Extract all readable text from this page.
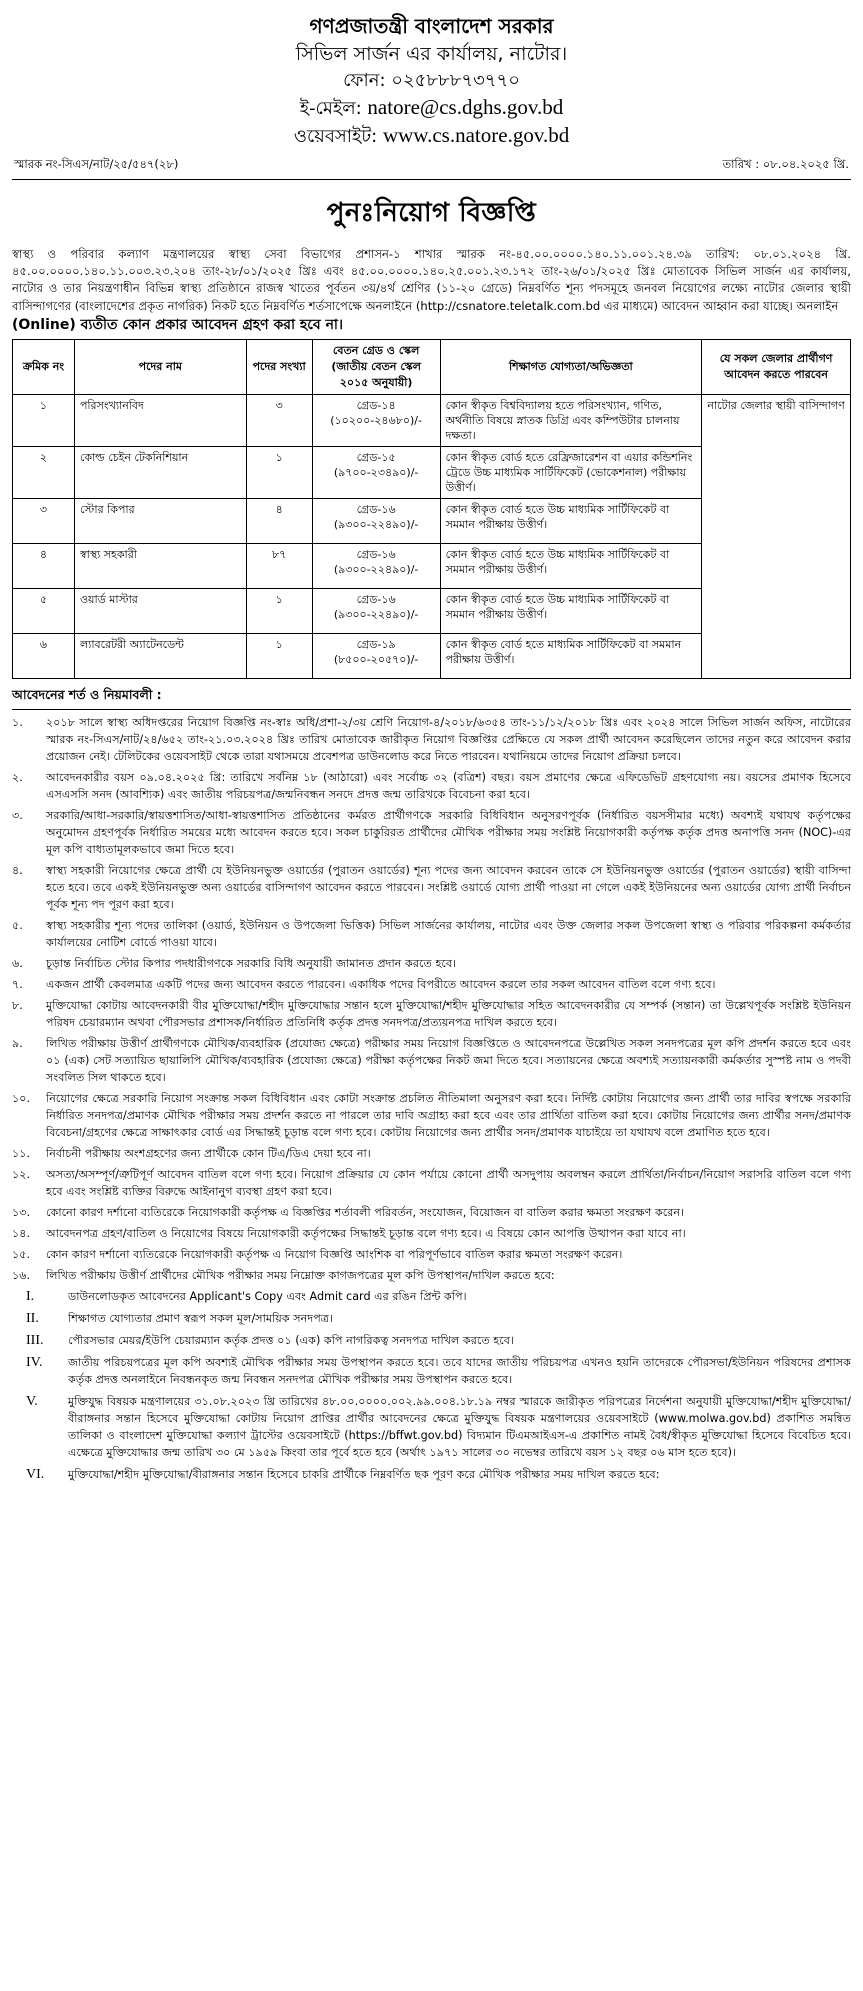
গণপ্রজাতন্ত্রী বাংলাদেশ সরকার
সিভিল সার্জন এর কার্যালয়, নাটোর।
ফোন: ০২৫৮৮৮৭৩৭৭০
ই-মেইল: natore@cs.dghs.gov.bd
ওয়েবসাইট: www.cs.natore.gov.bd
স্মারক নং-সিএস/নাট/২৫/৫৪৭(২৮)	তারিখ : ০৮.০৪.২০২৫ খ্রি.
পুনঃনিয়োগ বিজ্ঞপ্তি
স্বাস্থ্য ও পরিবার কল্যাণ মন্ত্রণালয়ের স্বাস্থ্য সেবা বিভাগের প্রশাসন-১ শাখার স্মারক নং-৪৫.০০.০০০০.১৪০.১১.০০১.২৪.৩৯ তারিখ: ০৮.০১.২০২৪ খ্রি. ৪৫.০০.০০০০.১৪০.১১.০০৩.২৩.২০৪ তাং-২৮/০১/২০২৫ খ্রিঃ এবং ৪৫.০০.০০০০.১৪০.২৫.০০১.২৩.১৭২ তাং-২৬/০১/২০২৫ খ্রিঃ মোতাবেক সিভিল সার্জন এর কার্যালয়, নাটোর ও তার নিয়ন্ত্রণাধীন বিভিন্ন স্বাস্থ্য প্রতিষ্ঠানে রাজস্ব খাতের পূর্বতন ৩য়/৪র্থ শ্রেণির (১১-২০ গ্রেডে) নিম্নবর্ণিত শূন্য পদসমূহে জনবল নিয়োগের লক্ষ্যে নাটোর জেলার স্থায়ী বাসিন্দাগণের (বাংলাদেশের প্রকৃত নাগরিক) নিকট হতে নিম্নবর্ণিত শর্তসাপেক্ষে অনলাইনে (http://csnatore.teletalk.com.bd এর মাধ্যমে) আবেদন আহ্বান করা যাচ্ছে। অনলাইন
(Online) ব্যতীত কোন প্রকার আবেদন গ্রহণ করা হবে না।
ক্রমিক নং	পদের নাম	পদের সংখ্যা	বেতন গ্রেড ও স্কেল (জাতীয় বেতন স্কেল ২০১৫ অনুযায়ী)	শিক্ষাগত যোগ্যতা/অভিজ্ঞতা	যে সকল জেলার প্রার্থীগণ আবেদন করতে পারবেন
১	পরিসংখ্যানবিদ	৩	গ্রেড-১৪
(১০২০০-২৪৬৮০)/-	কোন স্বীকৃত বিশ্ববিদ্যালয় হতে পরিসংখ্যান, গণিত, অর্থনীতি বিষয়ে স্নাতক ডিগ্রি এবং কম্পিউটার চালনায় দক্ষতা।	নাটোর জেলার স্থায়ী বাসিন্দাগণ
২	কোল্ড চেইন টেকনিশিয়ান	১	গ্রেড-১৫
(৯৭০০-২৩৪৯০)/-	কোন স্বীকৃত বোর্ড হতে রেফ্রিজারেশন বা এয়ার কন্ডিশনিং ট্রেডে উচ্চ মাধ্যমিক সার্টিফিকেট (ভোকেশনাল) পরীক্ষায় উত্তীর্ণ।	
৩	স্টোর কিপার	৪	গ্রেড-১৬
(৯৩০০-২২৪৯০)/-	কোন স্বীকৃত বোর্ড হতে উচ্চ মাধ্যমিক সার্টিফিকেট বা সমমান পরীক্ষায় উত্তীর্ণ।	
৪	স্বাস্থ্য সহকারী	৮৭	গ্রেড-১৬
(৯৩০০-২২৪৯০)/-	কোন স্বীকৃত বোর্ড হতে উচ্চ মাধ্যমিক সার্টিফিকেট বা সমমান পরীক্ষায় উত্তীর্ণ।	
৫	ওয়ার্ড মাস্টার	১	গ্রেড-১৬
(৯৩০০-২২৪৯০)/-	কোন স্বীকৃত বোর্ড হতে উচ্চ মাধ্যমিক সার্টিফিকেট বা সমমান পরীক্ষায় উত্তীর্ণ।	
৬	ল্যাবরেটরী অ্যাটেনডেন্ট	১	গ্রেড-১৯
(৮৫০০-২০৫৭০)/-	কোন স্বীকৃত বোর্ড হতে মাধ্যমিক সার্টিফিকেট বা সমমান পরীক্ষায় উত্তীর্ণ।	
আবেদনের শর্ত ও নিয়মাবলী :
১.	২০১৮ সালে স্বাস্থ্য অধিদপ্তরের নিয়োগ বিজ্ঞপ্তি নং-স্বাঃ অধি/প্রশা-২/৩য় শ্রেণি নিয়োগ-৪/২০১৮/৬৩৫৪ তাং-১১/১২/২০১৮ খ্রিঃ এবং ২০২৪ সালে সিভিল সার্জন অফিস, নাটোরের স্মারক নং-সিএস/নাট/২৪/৬৫২ তাং-২১.০৩.২০২৪ খ্রিঃ তারিখ মোতাবেক জারীকৃত নিয়োগ বিজ্ঞপ্তির প্রেক্ষিতে যে সকল প্রার্থী আবেদন করেছিলেন তাদের নতুন করে আবেদন করার প্রয়োজন নেই। টেলিটকের ওয়েবসাইট থেকে তারা যথাসময়ে প্রবেশপত্র ডাউনলোড করে নিতে পারবেন। যথানিয়মে তাদের নিয়োগ প্রক্রিয়া চলবে।
২.	আবেদনকারীর বয়স ০৯.০৪.২০২৫ খ্রি: তারিখে সর্বনিম্ন ১৮ (আঠারো) এবং সর্বোচ্চ ৩২ (বত্রিশ) বছর। বয়স প্রমাণের ক্ষেত্রে এফিডেভিট গ্রহণযোগ্য নয়। বয়সের প্রমাণক হিসেবে এসএসসি সনদ (আবশ্যিক) এবং জাতীয় পরিচয়পত্র/জন্মনিবন্ধন সনদে প্রদত্ত জন্ম তারিখকে বিবেচনা করা হবে।
৩.	সরকারি/আধা-সরকারি/স্বায়ত্তশাসিত/আধা-স্বায়ত্তশাসিত প্রতিষ্ঠানের কর্মরত প্রার্থীগণকে সরকারি বিধিবিধান অনুসরণপূর্বক (নির্ধারিত বয়সসীমার মধ্যে) অবশ্যই যথাযথ কর্তৃপক্ষের অনুমোদন গ্রহণপূর্বক নির্ধারিত সময়ের মধ্যে আবেদন করতে হবে। সকল চাকুরিরত প্রার্থীদের মৌখিক পরীক্ষার সময় সংশ্লিষ্ট নিয়োগকারী কর্তৃপক্ষ কর্তৃক প্রদত্ত অনাপত্তি সনদ (NOC)-এর মূল কপি বাধ্যতামূলকভাবে জমা দিতে হবে।
৪.	স্বাস্থ্য সহকারী নিয়োগের ক্ষেত্রে প্রার্থী যে ইউনিয়নভুক্ত ওয়ার্ডের (পুরাতন ওয়ার্ডের) শূন্য পদের জন্য আবেদন করবেন তাকে সে ইউনিয়নভুক্ত ওয়ার্ডের (পুরাতন ওয়ার্ডের) স্থায়ী বাসিন্দা হতে হবে। তবে একই ইউনিয়নভুক্ত অন্য ওয়ার্ডের বাসিন্দাগণ আবেদন করতে পারবেন। সংশ্লিষ্ট ওয়ার্ডে যোগ্য প্রার্থী পাওয়া না গেলে একই ইউনিয়নের অন্য ওয়ার্ডের যোগ্য প্রার্থী নির্বাচন পূর্বক শূন্য পদ পূরণ করা হবে।
৫.	স্বাস্থ্য সহকারীর শূন্য পদের তালিকা (ওয়ার্ড, ইউনিয়ন ও উপজেলা ভিত্তিক) সিভিল সার্জনের কার্যালয়, নাটোর এবং উক্ত জেলার সকল উপজেলা স্বাস্থ্য ও পরিবার পরিকল্পনা কর্মকর্তার কার্যালয়ের নোটিশ বোর্ডে পাওয়া যাবে।
৬.	চূড়ান্ত নির্বাচিত স্টোর কিপার পদধারীগণকে সরকারি বিধি অনুযায়ী জামানত প্রদান করতে হবে।
৭.	একজন প্রার্থী কেবলমাত্র একটি পদের জন্য আবেদন করতে পারবেন। একাধিক পদের বিপরীতে আবেদন করলে তার সকল আবেদন বাতিল বলে গণ্য হবে।
৮.	মুক্তিযোদ্ধা কোটায় আবেদনকারী বীর মুক্তিযোদ্ধা/শহীদ মুক্তিযোদ্ধার সন্তান হলে মুক্তিযোদ্ধা/শহীদ মুক্তিযোদ্ধার সহিত আবেদনকারীর যে সম্পর্ক (সন্তান) তা উল্লেখপূর্বক সংশ্লিষ্ট ইউনিয়ন পরিষদ চেয়ারম্যান অথবা পৌরসভার প্রশাসক/নির্ধারিত প্রতিনিধি কর্তৃক প্রদত্ত সনদপত্র/প্রত্যয়নপত্র দাখিল করতে হবে।
৯.	লিখিত পরীক্ষায় উত্তীর্ণ প্রার্থীগণকে মৌখিক/ব্যবহারিক (প্রযোজ্য ক্ষেত্রে) পরীক্ষার সময় নিয়োগ বিজ্ঞপ্তিতে ও আবেদনপত্রে উল্লেখিত সকল সনদপত্রের মূল কপি প্রদর্শন করতে হবে এবং ০১ (এক) সেট সত্যায়িত ছায়ালিপি মৌখিক/ব্যবহারিক (প্রযোজ্য ক্ষেত্রে) পরীক্ষা কর্তৃপক্ষের নিকট জমা দিতে হবে। সত্যায়নের ক্ষেত্রে অবশ্যই সত্যায়নকারী কর্মকর্তার সুস্পষ্ট নাম ও পদবী সংবলিত সিল থাকতে হবে।
১০.	নিয়োগের ক্ষেত্রে সরকারি নিয়োগ সংক্রান্ত সকল বিধিবিধান এবং কোটা সংক্রান্ত প্রচলিত নীতিমালা অনুসরণ করা হবে। নির্দিষ্ট কোটায় নিয়োগের জন্য প্রার্থী তার দাবির স্বপক্ষে সরকারি নির্ধারিত সনদপত্র/প্রমাণক মৌখিক পরীক্ষার সময় প্রদর্শন করতে না পারলে তার দাবি অগ্রাহ্য করা হবে এবং তার প্রার্থিতা বাতিল করা হবে। কোটায় নিয়োগের জন্য প্রার্থীর সনদ/প্রমাণক বিবেচনা/গ্রহণের ক্ষেত্রে সাক্ষাৎকার বোর্ড এর সিদ্ধান্তই চূড়ান্ত বলে গণ্য হবে। কোটায় নিয়োগের জন্য প্রার্থীর সনদ/প্রমাণক যাচাইয়ে তা যথাযথ বলে প্রমাণিত হতে হবে।
১১.	নির্বাচনী পরীক্ষায় অংশগ্রহণের জন্য প্রার্থীকে কোন টিএ/ডিএ দেয়া হবে না।
১২.	অসত্য/অসম্পূর্ণ/ত্রুটিপূর্ণ আবেদন বাতিল বলে গণ্য হবে। নিয়োগ প্রক্রিয়ার যে কোন পর্যায়ে কোনো প্রার্থী অসদুপায় অবলম্বন করলে প্রার্থিতা/নির্বাচন/নিয়োগ সরাসরি বাতিল বলে গণ্য হবে এবং সংশ্লিষ্ট ব্যক্তির বিরুদ্ধে আইনানুগ ব্যবস্থা গ্রহণ করা হবে।
১৩.	কোনো কারণ দর্শানো ব্যতিরেকে নিয়োগকারী কর্তৃপক্ষ এ বিজ্ঞপ্তির শর্তাবলী পরিবর্তন, সংযোজন, বিয়োজন বা বাতিল করার ক্ষমতা সংরক্ষণ করেন।
১৪.	আবেদনপত্র গ্রহণ/বাতিল ও নিয়োগের বিষয়ে নিয়োগকারী কর্তৃপক্ষের সিদ্ধান্তই চূড়ান্ত বলে গণ্য হবে। এ বিষয়ে কোন আপত্তি উত্থাপন করা যাবে না।
১৫.	কোন কারণ দর্শানো ব্যতিরেকে নিয়োগকারী কর্তৃপক্ষ এ নিয়োগ বিজ্ঞপ্তি আংশিক বা পরিপূর্ণভাবে বাতিল করার ক্ষমতা সংরক্ষণ করেন।
১৬.	লিখিত পরীক্ষায় উত্তীর্ণ প্রার্থীদের মৌখিক পরীক্ষার সময় নিম্নোক্ত কাগজপত্রের মূল কপি উপস্থাপন/দাখিল করতে হবে:
I.	ডাউনলোডকৃত আবেদনের Applicant's Copy এবং Admit card এর রঙিন প্রিন্ট কপি।
II.	শিক্ষাগত যোগ্যতার প্রমাণ স্বরূপ সকল মূল/সাময়িক সনদপত্র।
III.	পৌরসভার মেয়র/ইউপি চেয়ারম্যান কর্তৃক প্রদত্ত ০১ (এক) কপি নাগরিকত্ব সনদপত্র দাখিল করতে হবে।
IV.	জাতীয় পরিচয়পত্রের মূল কপি অবশ্যই মৌখিক পরীক্ষার সময় উপস্থাপন করতে হবে। তবে যাদের জাতীয় পরিচয়পত্র এখনও হয়নি তাদেরকে পৌরসভা/ইউনিয়ন পরিষদের প্রশাসক কর্তৃক প্রদত্ত অনলাইনে নিবন্ধনকৃত জন্ম নিবন্ধন সনদপত্র মৌখিক পরীক্ষার সময় উপস্থাপন করতে হবে।
V.	মুক্তিযুদ্ধ বিষয়ক মন্ত্রণালয়ের ৩১.০৮.২০২৩ খ্রি তারিখের ৪৮.০০.০০০০.০০২.৯৯.০০৪.১৮.১৯ নম্বর স্মারকে জারীকৃত পরিপত্রের নির্দেশনা অনুযায়ী মুক্তিযোদ্ধা/শহীদ মুক্তিযোদ্ধা/বীরাঙ্গনার সন্তান হিসেবে মুক্তিযোদ্ধা কোটায় নিয়োগ প্রাপ্তির প্রার্থীর আবেদনের ক্ষেত্রে মুক্তিযুদ্ধ বিষয়ক মন্ত্রণালয়ের ওয়েবসাইটে (www.molwa.gov.bd) প্রকাশিত সমন্বিত তালিকা ও বাংলাদেশ মুক্তিযোদ্ধা কল্যাণ ট্রাস্টের ওয়েবসাইটে (https://bffwt.gov.bd) বিদ্যমান টিএমআইএস-এ প্রকাশিত নামই বৈধ/স্বীকৃত মুক্তিযোদ্ধা হিসেবে বিবেচিত হবে। এক্ষেত্রে মুক্তিযোদ্ধার জন্ম তারিখ ৩০ মে ১৯৫৯ কিংবা তার পূর্বে হতে হবে (অর্থাৎ ১৯৭১ সালের ৩০ নভেম্বর তারিখে বয়স ১২ বছর ০৬ মাস হতে হবে)।
VI.	মুক্তিযোদ্ধা/শহীদ মুক্তিযোদ্ধা/বীরাঙ্গনার সন্তান হিসেবে চাকরি প্রার্থীকে নিম্নবর্ণিত ছক পূরণ করে মৌখিক পরীক্ষার সময় দাখিল করতে হবে:
